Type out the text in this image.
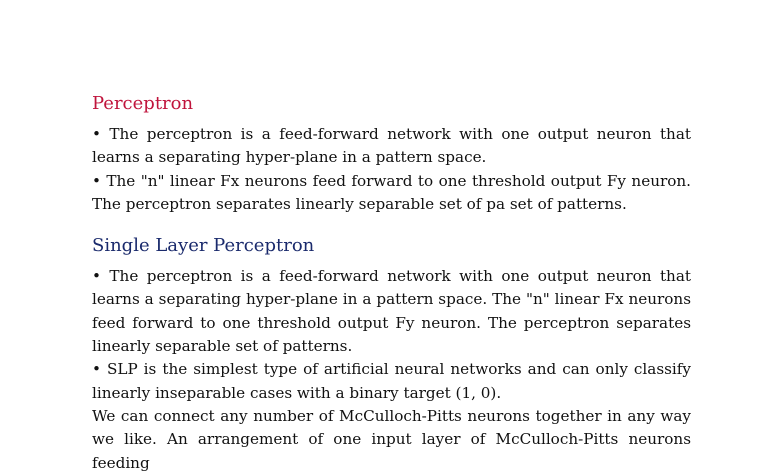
Perceptron

• The perceptron is a feed-forward network with one output neuron that learns a separating hyper-plane in a pattern space.

• The "n" linear Fx neurons feed forward to one threshold output Fy neuron. The perceptron separates linearly separable set of pa set of patterns.

Single Layer Perceptron

• The perceptron is a feed-forward network with one output neuron that learns a separating hyper-plane in a pattern space. The "n" linear Fx neurons feed forward to one threshold output Fy neuron. The perceptron separates linearly separable set of patterns.

• SLP is the simplest type of artificial neural networks and can only classify linearly inseparable cases with a binary target (1, 0).

We can connect any number of McCulloch-Pitts neurons together in any way we like. An arrangement of one input layer of McCulloch-Pitts neurons feeding
